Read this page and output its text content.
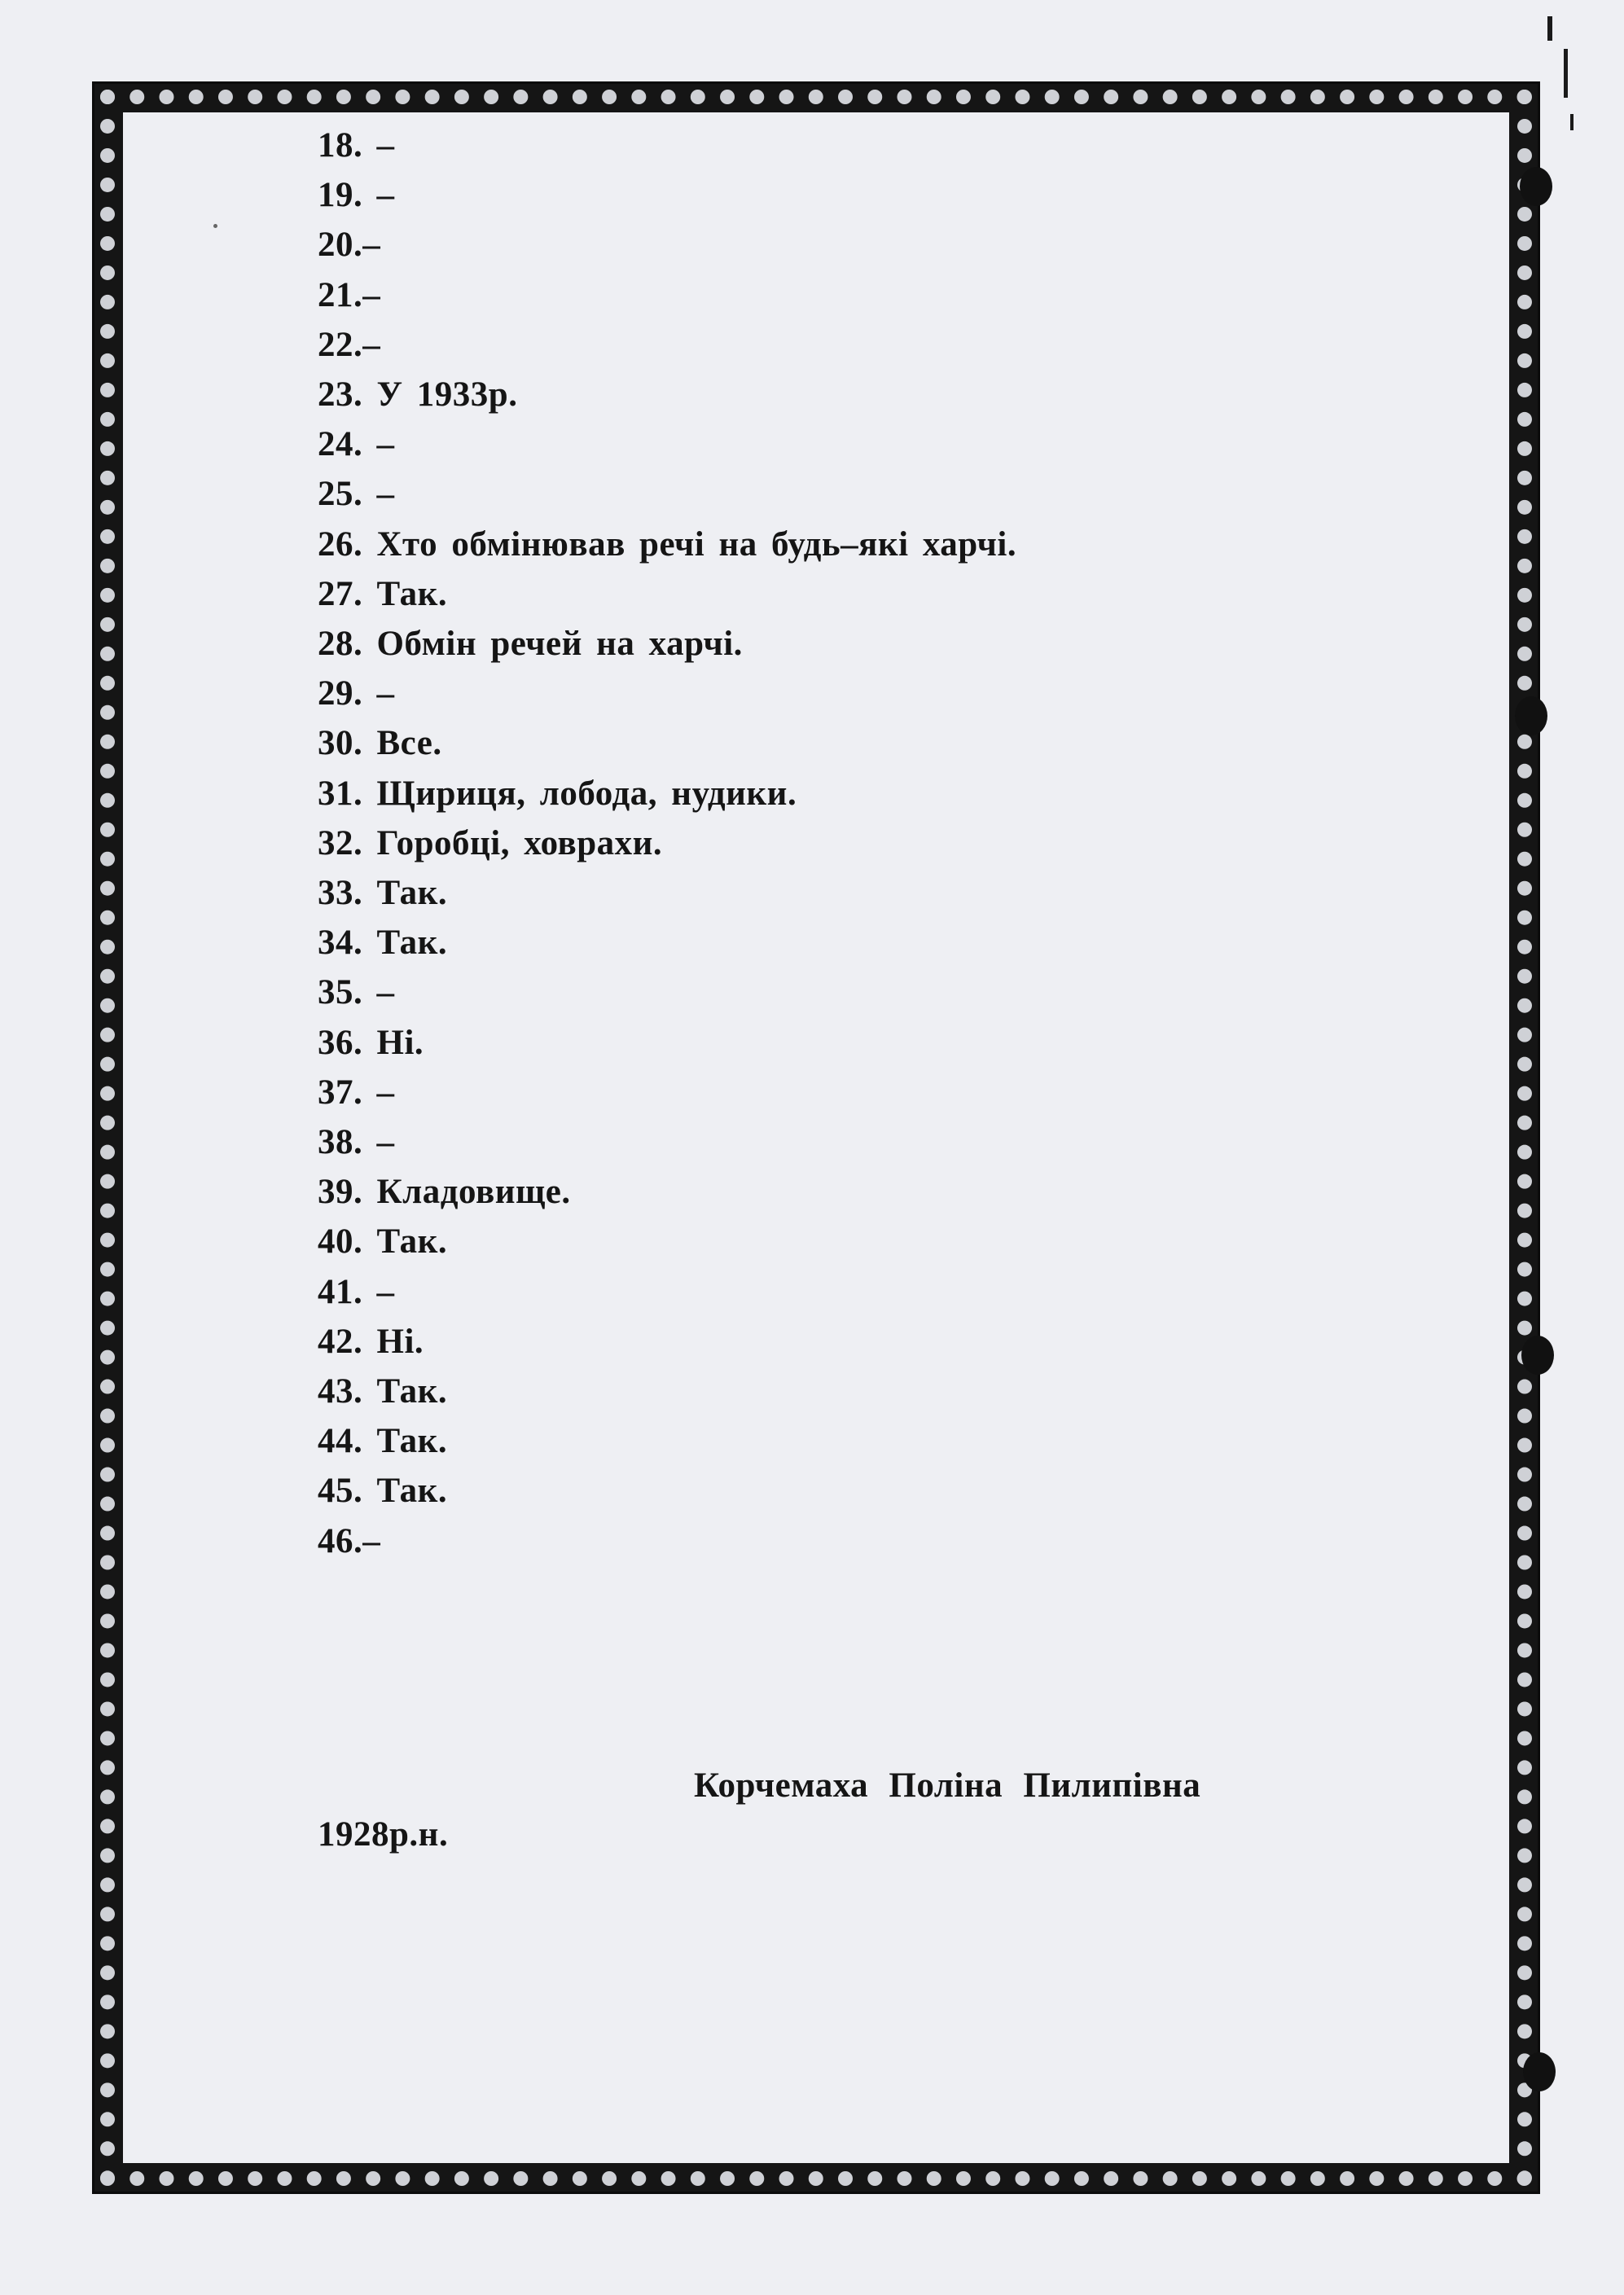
18. –
19. –
20.–
21.–
22.–
23. У 1933р.
24. –
25. –
26. Хто обмінював речі на будь–які харчі.
27. Так.
28. Обмін речей на харчі.
29. –
30. Все.
31. Щириця, лобода, нудики.
32. Горобці, ховрахи.
33. Так.
34. Так.
35. –
36. Ні.
37. –
38. –
39. Кладовище.
40. Так.
41. –
42. Ні.
43. Так.
44. Так.
45. Так.
46.–
Корчемаха Поліна Пилипівна
1928р.н.
